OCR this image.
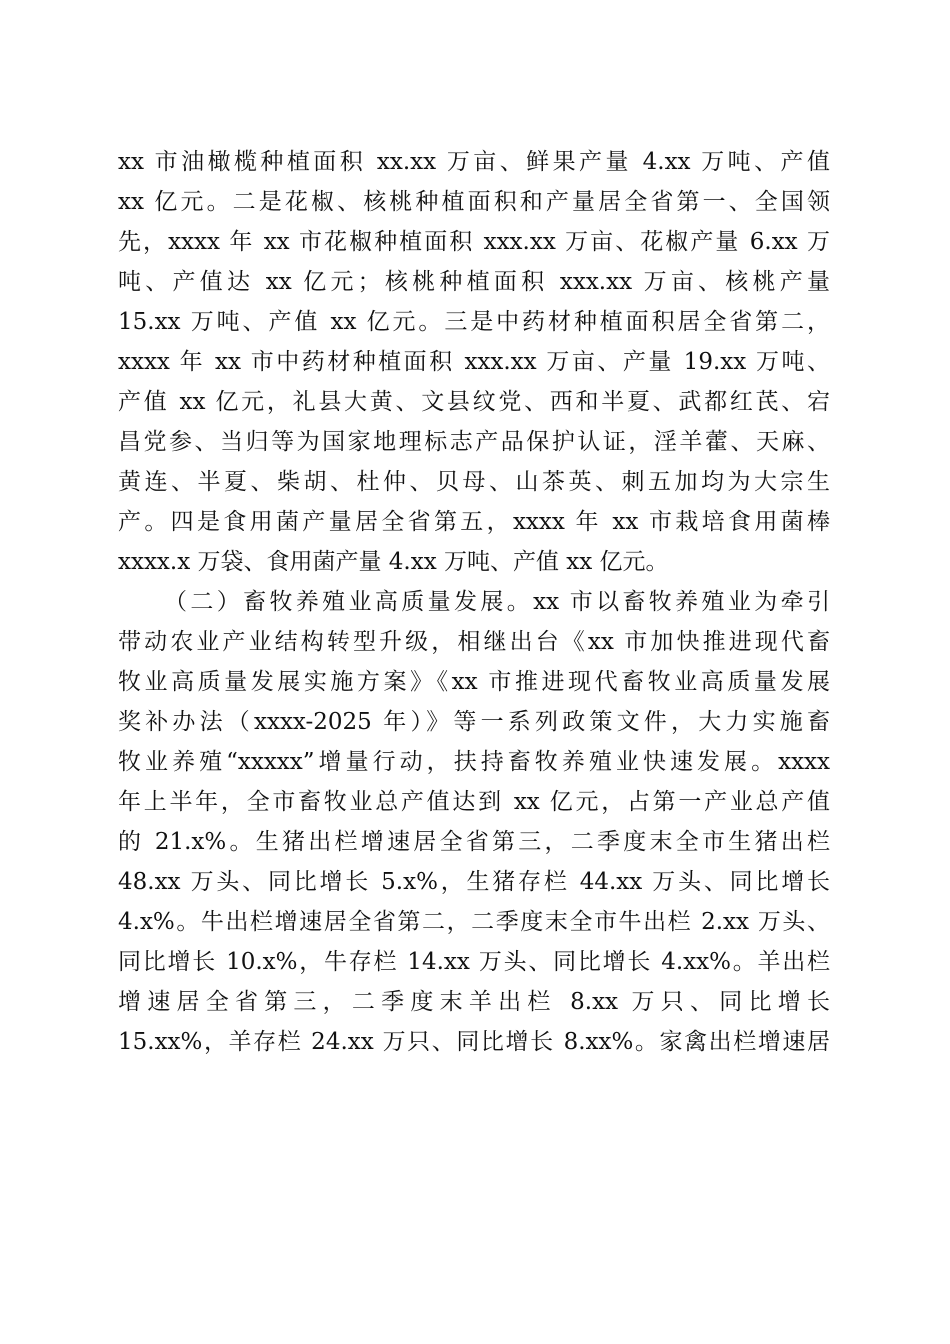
xx 市油橄榄种植面积 xx.xx 万亩、鲜果产量 4.xx 万吨、产值
xx 亿元。二是花椒、核桃种植面积和产量居全省第一、全国领
先，xxxx 年 xx 市花椒种植面积 xxx.xx 万亩、花椒产量 6.xx 万
吨、产值达 xx 亿元；核桃种植面积 xxx.xx 万亩、核桃产量
15.xx 万吨、产值 xx 亿元。三是中药材种植面积居全省第二，
xxxx 年 xx 市中药材种植面积 xxx.xx 万亩、产量 19.xx 万吨、
产值 xx 亿元，礼县大黄、文县纹党、西和半夏、武都红芪、宕
昌党参、当归等为国家地理标志产品保护认证，淫羊藿、天麻、
黄连、半夏、柴胡、杜仲、贝母、山茶英、刺五加均为大宗生
产。四是食用菌产量居全省第五，xxxx 年 xx 市栽培食用菌棒
xxxx.x 万袋、食用菌产量 4.xx 万吨、产值 xx 亿元。
（二）畜牧养殖业高质量发展。xx 市以畜牧养殖业为牵引
带动农业产业结构转型升级，相继出台《xx 市加快推进现代畜
牧业高质量发展实施方案》《xx 市推进现代畜牧业高质量发展
奖补办法（xxxx-2025 年）》等一系列政策文件，大力实施畜
牧业养殖“xxxxx”增量行动，扶持畜牧养殖业快速发展。xxxx
年上半年，全市畜牧业总产值达到 xx 亿元，占第一产业总产值
的 21.x%。生猪出栏增速居全省第三，二季度末全市生猪出栏
48.xx 万头、同比增长 5.x%，生猪存栏 44.xx 万头、同比增长
4.x%。牛出栏增速居全省第二，二季度末全市牛出栏 2.xx 万头、
同比增长 10.x%，牛存栏 14.xx 万头、同比增长 4.xx%。羊出栏
增速居全省第三，二季度末羊出栏 8.xx 万只、同比增长
15.xx%，羊存栏 24.xx 万只、同比增长 8.xx%。家禽出栏增速居
